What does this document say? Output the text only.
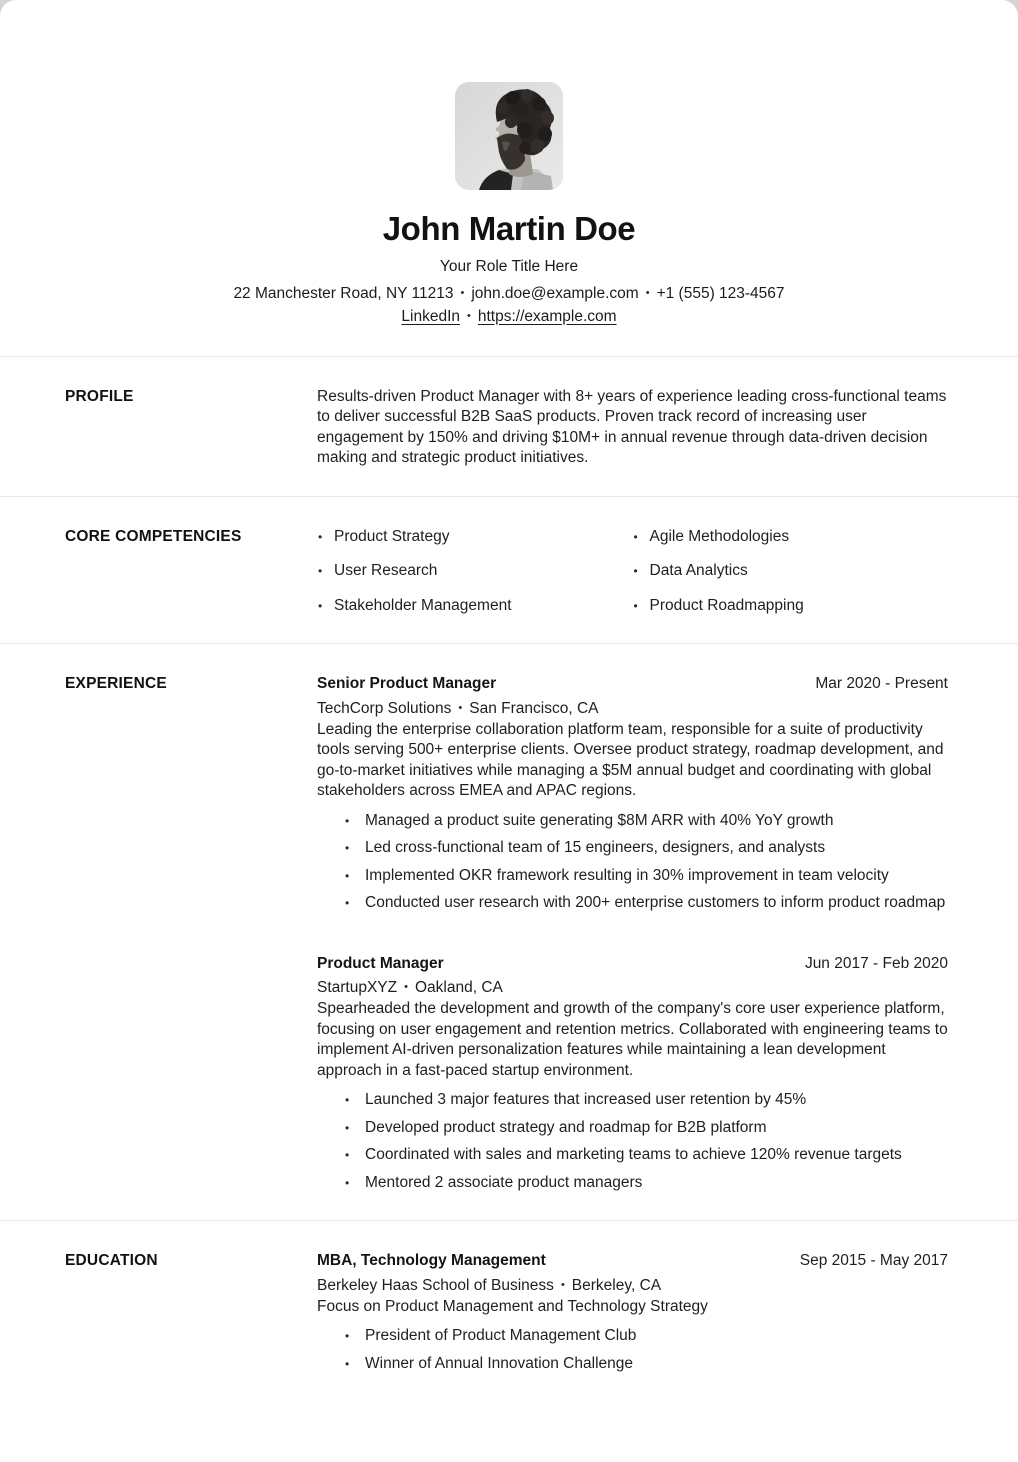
John Martin Doe
Your Role Title Here
22 Manchester Road, NY 11213 • john.doe@example.com • +1 (555) 123-4567
LinkedIn • https://example.com
PROFILE	Results-driven Product Manager with 8+ years of experience leading cross-functional teams to deliver successful B2B SaaS products. Proven track record of increasing user engagement by 150% and driving $10M+ in annual revenue through data-driven decision making and strategic product initiatives.

CORE COMPETENCIES	• Product Strategy
• User Research
• Stakeholder Management
• Agile Methodologies
• Data Analytics
• Product Roadmapping
EXPERIENCE	Senior Product Manager	Mar 2020 - Present
TechCorp Solutions • San Francisco, CA

Leading the enterprise collaboration platform team, responsible for a suite of productivity tools serving 500+ enterprise clients. Oversee product strategy, roadmap development, and go-to-market initiatives while managing a $5M annual budget and coordinating with global stakeholders across EMEA and APAC regions.

• Managed a product suite generating $8M ARR with 40% YoY growth
• Led cross-functional team of 15 engineers, designers, and analysts
• Implemented OKR framework resulting in 30% improvement in team velocity
• Conducted user research with 200+ enterprise customers to inform product roadmap
Product Manager	Jun 2017 - Feb 2020
StartupXYZ • Oakland, CA

Spearheaded the development and growth of the company's core user experience platform, focusing on user engagement and retention metrics. Collaborated with engineering teams to implement AI-driven personalization features while maintaining a lean development approach in a fast-paced startup environment.

• Launched 3 major features that increased user retention by 45%
• Developed product strategy and roadmap for B2B platform
• Coordinated with sales and marketing teams to achieve 120% revenue targets
• Mentored 2 associate product managers
EDUCATION	MBA, Technology Management	Sep 2015 - May 2017
Berkeley Haas School of Business • Berkeley, CA

Focus on Product Management and Technology Strategy

• President of Product Management Club
• Winner of Annual Innovation Challenge
